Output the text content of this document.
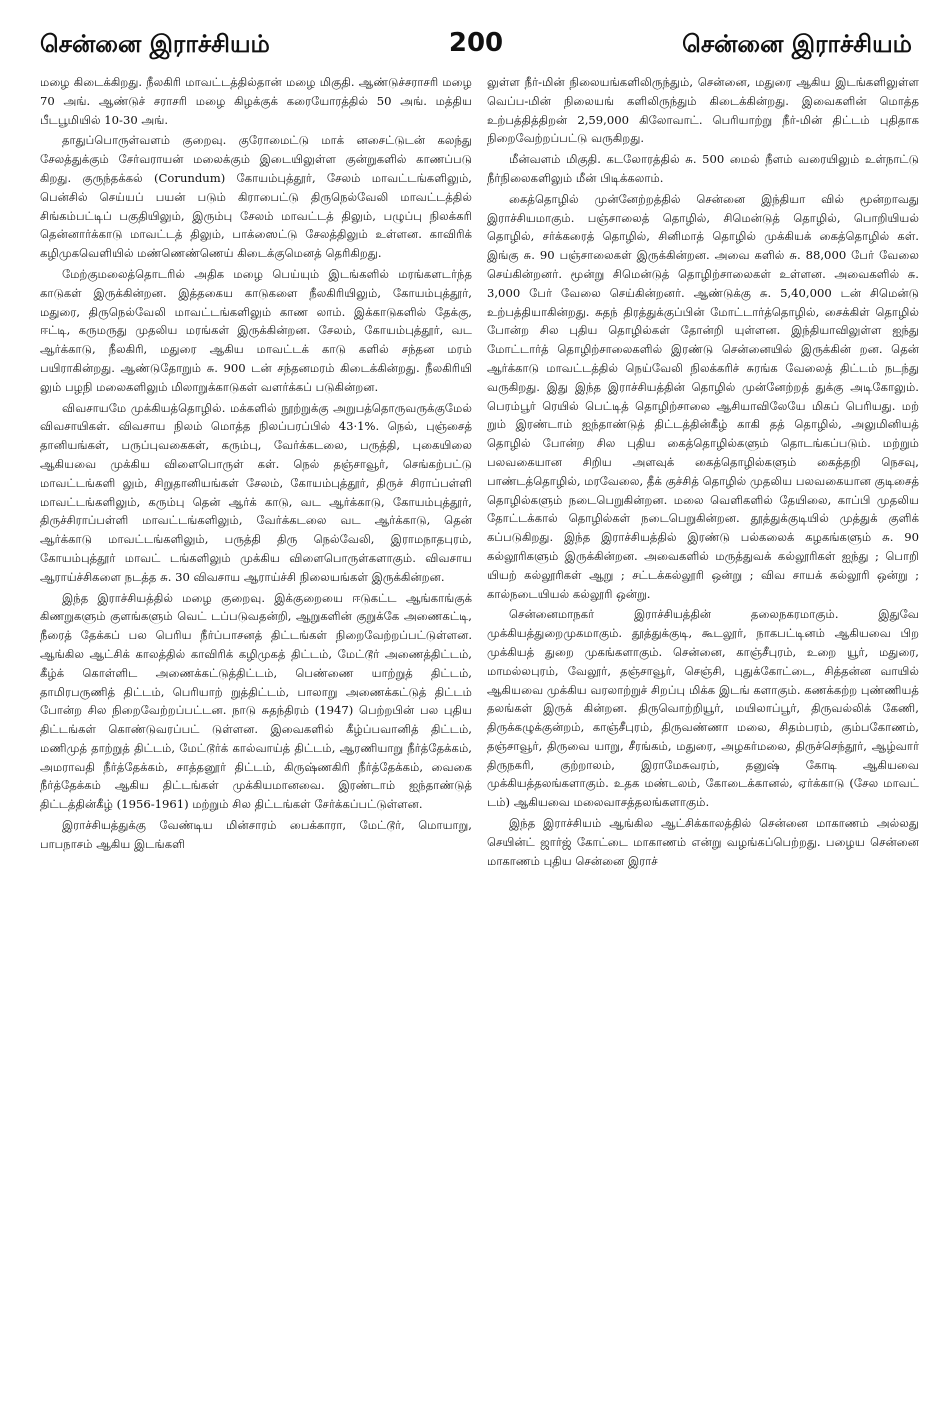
சென்னை இராச்சியம்	200	சென்னை இராச்சியம்

மழை கிடைக்கிறது. நீலகிரி மாவட்டத்தில்தான் மழை மிகுதி. ஆண்டுச்சராசரி மழை 70 அங். ஆண்டுச் சராசரி மழை கிழக்குக் கரையோரத்தில் 50 அங். மத்திய பீடபூமியில் 10-30 அங்.

தாதுப்பொருள்வளம் குறைவு. குரோமைட்டு மாக் னசைட்டுடன் கலந்து சேலத்துக்கும் சேர்வராயன் மலைக்கும் இடையிலுள்ள குன்றுகளில் காணப்படு கிறது. குருந்தக்கல் (Corundum) கோயம்புத்தூர், சேலம் மாவட்டங்களிலும், பென்சில் செய்யப் பயன் படும் கிராபைட்டு திருநெல்வேலி மாவட்டத்தில் சிங்கம்பட்டிப் பகுதியிலும், இரும்பு சேலம் மாவட்டத் திலும், பழுப்பு நிலக்கரி தென்னார்க்காடு மாவட்டத் திலும், பாக்ஸைட்டு சேலத்திலும் உள்ளன. காவிரிக் கழிமுகவெளியில் மண்ணெண்ணெய் கிடைக்குமெனத் தெரிகிறது.

மேற்குமலைத்தொடரில் அதிக மழை பெய்யும் இடங்களில் மரங்களடர்ந்த காடுகள் இருக்கின்றன. இத்தகைய காடுகளை நீலகிரியிலும், கோயம்புத்தூர், மதுரை, திருநெல்வேலி மாவட்டங்களிலும் காண லாம். இக்காடுகளில் தேக்கு, ஈட்டி, கருமருது முதலிய மரங்கள் இருக்கின்றன. சேலம், கோயம்புத்தூர், வட ஆர்க்காடு, நீலகிரி, மதுரை ஆகிய மாவட்டக் காடு களில் சந்தன மரம் பயிராகின்றது. ஆண்டுதோறும் சு. 900 டன் சந்தனமரம் கிடைக்கின்றது. நீலகிரியி லும் பழநி மலைகளிலும் மிலாறுக்காடுகள் வளர்க்கப் படுகின்றன.

விவசாயமே முக்கியத்தொழில். மக்களில் நூற்றுக்கு அறுபத்தொருவருக்குமேல் விவசாயிகள். விவசாய நிலம் மொத்த நிலப்பரப்பில் 43·1%. நெல், புஞ்சைத் தானியங்கள், பருப்புவகைகள், கரும்பு, வேர்க்கடலை, பருத்தி, புகையிலை ஆகியவை முக்கிய விளைபொருள் கள். நெல் தஞ்சாவூர், செங்கற்பட்டு மாவட்டங்களி லும், சிறுதானியங்கள் சேலம், கோயம்புத்தூர், திருச் சிராப்பள்ளி மாவட்டங்களிலும், கரும்பு தென் ஆர்க் காடு, வட ஆர்க்காடு, கோயம்புத்தூர், திருச்சிராப்பள்ளி மாவட்டங்களிலும், வேர்க்கடலை வட ஆர்க்காடு, தென் ஆர்க்காடு மாவட்டங்களிலும், பருத்தி திரு நெல்வேலி, இராமநாதபுரம், கோயம்புத்தூர் மாவட் டங்களிலும் முக்கிய விளைபொருள்களாகும். விவசாய ஆராய்ச்சிகளை நடத்த சு. 30 விவசாய ஆராய்ச்சி நிலையங்கள் இருக்கின்றன.

இந்த இராச்சியத்தில் மழை குறைவு. இக்குறையை ஈடுகட்ட ஆங்காங்குக் கிணறுகளும் குளங்களும் வெட் டப்படுவதன்றி, ஆறுகளின் குறுக்கே அணைகட்டி, நீரைத் தேக்கப் பல பெரிய நீர்ப்பாசனத் திட்டங்கள் நிறைவேற்றப்பட்டுள்ளன. ஆங்கில ஆட்சிக் காலத்தில் காவிரிக் கழிமுகத் திட்டம், மேட்டூர் அணைத்திட்டம், கீழ்க் கொள்ளிட அணைக்கட்டுத்திட்டம், பெண்ணை யாற்றுத் திட்டம், தாமிரபருணித் திட்டம், பெரியாற் றுத்திட்டம், பாலாறு அணைக்கட்டுத் திட்டம் போன்ற சில நிறைவேற்றப்பட்டன. நாடு சுதந்திரம் (1947) பெற்றபின் பல புதிய திட்டங்கள் கொண்டுவரப்பட் டுள்ளன. இவைகளில் கீழ்ப்பவானித் திட்டம், மணிமுத் தாற்றுத் திட்டம், மேட்டூர்க் கால்வாய்த் திட்டம், ஆரணியாறு நீர்த்தேக்கம், அமராவதி நீர்த்தேக்கம், சாத்தனூர் திட்டம், கிருஷ்ணகிரி நீர்த்தேக்கம், வைகை நீர்த்தேக்கம் ஆகிய திட்டங்கள் முக்கியமானவை. இரண்டாம் ஐந்தாண்டுத் திட்டத்தின்கீழ் (1956-1961) மற்றும் சில திட்டங்கள் சேர்க்கப்பட்டுள்ளன.

இராச்சியத்துக்கு வேண்டிய மின்சாரம் பைக்காரா, மேட்டூர், மொயாறு, பாபநாசம் ஆகிய இடங்களி

லுள்ள நீர்-மின் நிலையங்களிலிருந்தும், சென்னை, மதுரை ஆகிய இடங்களிலுள்ள வெப்ப-மின் நிலையங் களிலிருந்தும் கிடைக்கின்றது. இவைகளின் மொத்த உற்பத்தித்திறன் 2,59,000 கிலோவாட். பெரியாற்று நீர்-மின் திட்டம் புதிதாக நிறைவேற்றப்பட்டு வருகிறது.

மீன்வளம் மிகுதி. கடலோரத்தில் சு. 500 மைல் நீளம் வரையிலும் உள்நாட்டு நீர்நிலைகளிலும் மீன் பிடிக்கலாம்.

கைத்தொழில் முன்னேற்றத்தில் சென்னை இந்தியா வில் மூன்றாவது இராச்சியமாகும். பஞ்சாலைத் தொழில், சிமென்டுத் தொழில், பொறியியல் தொழில், சர்க்கரைத் தொழில், சினிமாத் தொழில் முக்கியக் கைத்தொழில் கள். இங்கு சு. 90 பஞ்சாலைகள் இருக்கின்றன. அவை களில் சு. 88,000 பேர் வேலை செய்கின்றனர். மூன்று சிமென்டுத் தொழிற்சாலைகள் உள்ளன. அவைகளில் சு. 3,000 பேர் வேலை செய்கின்றனர். ஆண்டுக்கு சு. 5,40,000 டன் சிமென்டு உற்பத்தியாகின்றது. சுதந் திரத்துக்குப்பின் மோட்டார்த்தொழில், சைக்கிள் தொழில் போன்ற சில புதிய தொழில்கள் தோன்றி யுள்ளன. இந்தியாவிலுள்ள ஐந்து மோட்டார்த் தொழிற்சாலைகளில் இரண்டு சென்னையில் இருக்கின் றன. தென் ஆர்க்காடு மாவட்டத்தில் நெய்வேலி நிலக்கரிச் சுரங்க வேலைத் திட்டம் நடந்து வருகிறது. இது இந்த இராச்சியத்தின் தொழில் முன்னேற்றத் துக்கு அடிகோலும். பெரம்பூர் ரெயில் பெட்டித் தொழிற்சாலை ஆசியாவிலேயே மிகப் பெரியது. மற் றும் இரண்டாம் ஐந்தாண்டுத் திட்டத்தின்கீழ் காகி தத் தொழில், அலுமினியத் தொழில் போன்ற சில புதிய கைத்தொழில்களும் தொடங்கப்படும். மற்றும் பலவகையான சிறிய அளவுக் கைத்தொழில்களும் கைத்தறி நெசவு, பாண்டத்தொழில், மரவேலை, தீக் குச்சித் தொழில் முதலிய பலவகையான குடிசைத் தொழில்களும் நடைபெறுகின்றன. மலை வெளிகளில் தேயிலை, காப்பி முதலிய தோட்டக்கால் தொழில்கள் நடைபெறுகின்றன. தூத்துக்குடியில் முத்துக் குளிக் கப்படுகிறது. இந்த இராச்சியத்தில் இரண்டு பல்கலைக் கழகங்களும் சு. 90 கல்லூரிகளும் இருக்கின்றன. அவைகளில் மருத்துவக் கல்லூரிகள் ஐந்து ; பொறி யியற் கல்லூரிகள் ஆறு ; சட்டக்கல்லூரி ஒன்று ; விவ சாயக் கல்லூரி ஒன்று ; கால்நடையியல் கல்லூரி ஒன்று.

சென்னைமாநகர் இராச்சியத்தின் தலைநகரமாகும். இதுவே முக்கியத்துறைமுகமாகும். தூத்துக்குடி, கூடலூர், நாகபட்டினம் ஆகியவை பிற முக்கியத் துறை முகங்களாகும். சென்னை, காஞ்சீபுரம், உறை யூர், மதுரை, மாமல்லபுரம், வேலூர், தஞ்சாவூர், செஞ்சி, புதுக்கோட்டை, சித்தன்ன வாயில் ஆகியவை முக்கிய வரலாற்றுச் சிறப்பு மிக்க இடங் களாகும். கணக்கற்ற புண்ணியத் தலங்கள் இருக் கின்றன. திருவொற்றியூர், மயிலாப்பூர், திருவல்லிக் கேணி, திருக்கழுக்குன்றம், காஞ்சீபுரம், திருவண்ணா மலை, சிதம்பரம், கும்பகோணம், தஞ்சாவூர், திருவை யாறு, சீரங்கம், மதுரை, அழகர்மலை, திருச்செந்தூர், ஆழ்வார் திருநகரி, குற்றாலம், இராமேசுவரம், தனுஷ் கோடி ஆகியவை முக்கியத்தலங்களாகும். உதக மண்டலம், கோடைக்கானல், ஏர்க்காடு (சேல மாவட் டம்) ஆகியவை மலைவாசத்தலங்களாகும்.

இந்த இராச்சியம் ஆங்கில ஆட்சிக்காலத்தில் சென்னை மாகாணம் அல்லது செயின்ட் ஜார்ஜ் கோட்டை மாகாணம் என்று வழங்கப்பெற்றது. பழைய சென்னை மாகாணம் புதிய சென்னை இராச்
